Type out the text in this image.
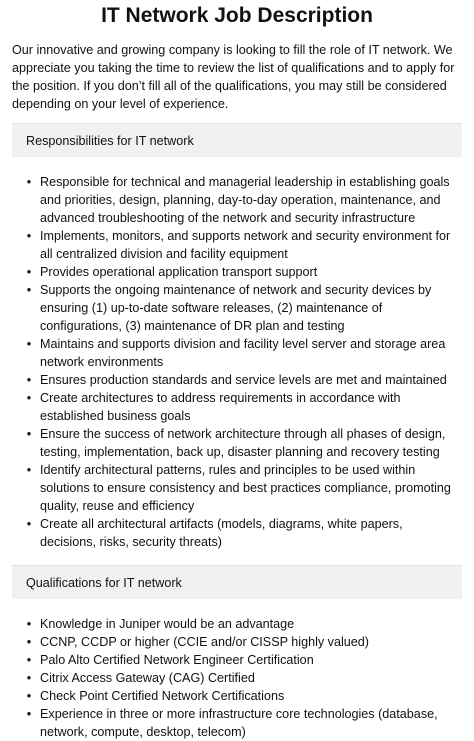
IT Network Job Description

Our innovative and growing company is looking to fill the role of IT network. We appreciate you taking the time to review the list of qualifications and to apply for the position. If you don’t fill all of the qualifications, you may still be considered depending on your level of experience.

Responsibilities for IT network
• Responsible for technical and managerial leadership in establishing goals and priorities, design, planning, day-to-day operation, maintenance, and advanced troubleshooting of the network and security infrastructure
• Implements, monitors, and supports network and security environment for all centralized division and facility equipment
• Provides operational application transport support
• Supports the ongoing maintenance of network and security devices by ensuring (1) up-to-date software releases, (2) maintenance of configurations, (3) maintenance of DR plan and testing
• Maintains and supports division and facility level server and storage area network environments
• Ensures production standards and service levels are met and maintained
• Create architectures to address requirements in accordance with established business goals
• Ensure the success of network architecture through all phases of design, testing, implementation, back up, disaster planning and recovery testing
• Identify architectural patterns, rules and principles to be used within solutions to ensure consistency and best practices compliance, promoting quality, reuse and efficiency
• Create all architectural artifacts (models, diagrams, white papers, decisions, risks, security threats)
Qualifications for IT network
• Knowledge in Juniper would be an advantage
• CCNP, CCDP or higher (CCIE and/or CISSP highly valued)
• Palo Alto Certified Network Engineer Certification
• Citrix Access Gateway (CAG) Certified
• Check Point Certified Network Certifications
• Experience in three or more infrastructure core technologies (database, network, compute, desktop, telecom)
